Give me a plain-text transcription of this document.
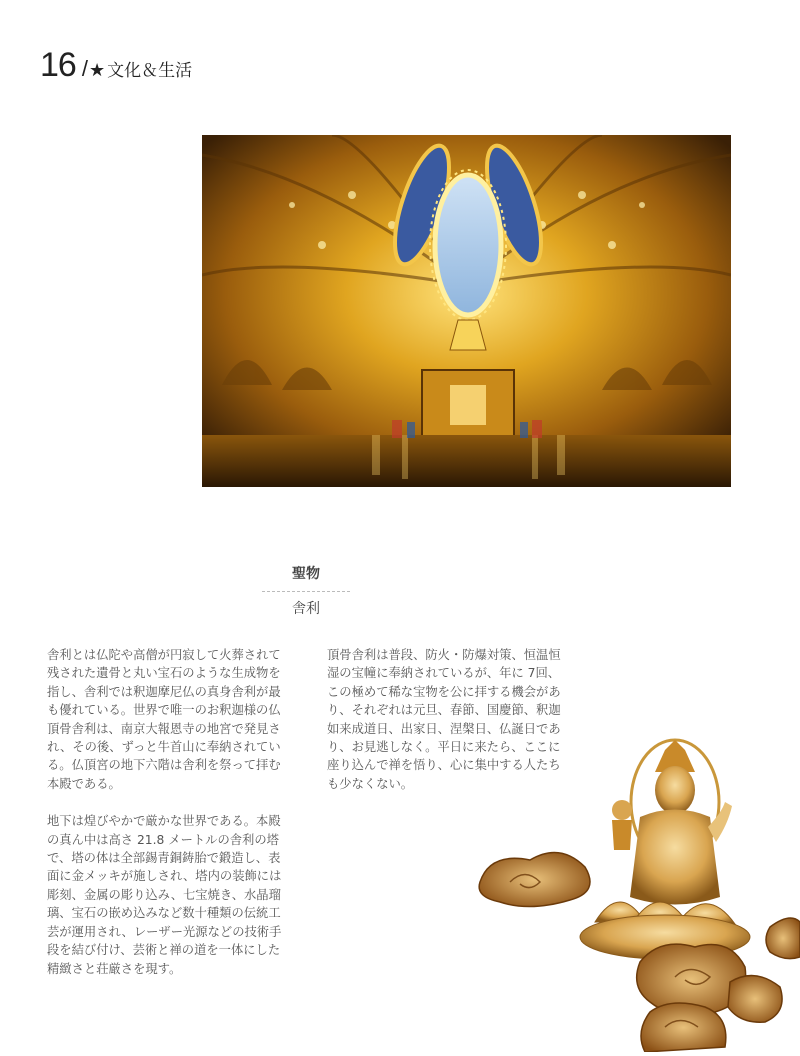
16 / ★ 文化＆生活
聖物
舎利

舎利とは仏陀や高僧が円寂して火葬されて残された遺骨と丸い宝石のような生成物を指し、舎利では釈迦摩尼仏の真身舎利が最も優れている。世界で唯一のお釈迦様の仏頂骨舎利は、南京大報恩寺の地宮で発見され、その後、ずっと牛首山に奉納されている。仏頂宮の地下六階は舎利を祭って拝む本殿である。

地下は煌びやかで厳かな世界である。本殿の真ん中は高さ 21.8 メートルの舎利の塔で、塔の体は全部錫青銅鋳胎で鍛造し、表面に金メッキが施しされ、塔内の装飾には彫刻、金属の彫り込み、七宝焼き、水晶瑠璃、宝石の嵌め込みなど数十種類の伝統工芸が運用され、レーザー光源などの技術手段を結び付け、芸術と禅の道を一体にした精緻さと荘厳さを現す。

頂骨舎利は普段、防火・防爆対策、恒温恒湿の宝幢に奉納されているが、年に 7回、この極めて稀な宝物を公に拝する機会があり、それぞれは元旦、春節、国慶節、釈迦如来成道日、出家日、涅槃日、仏誕日であり、お見逃しなく。平日に来たら、ここに座り込んで禅を悟り、心に集中する人たちも少なくない。
